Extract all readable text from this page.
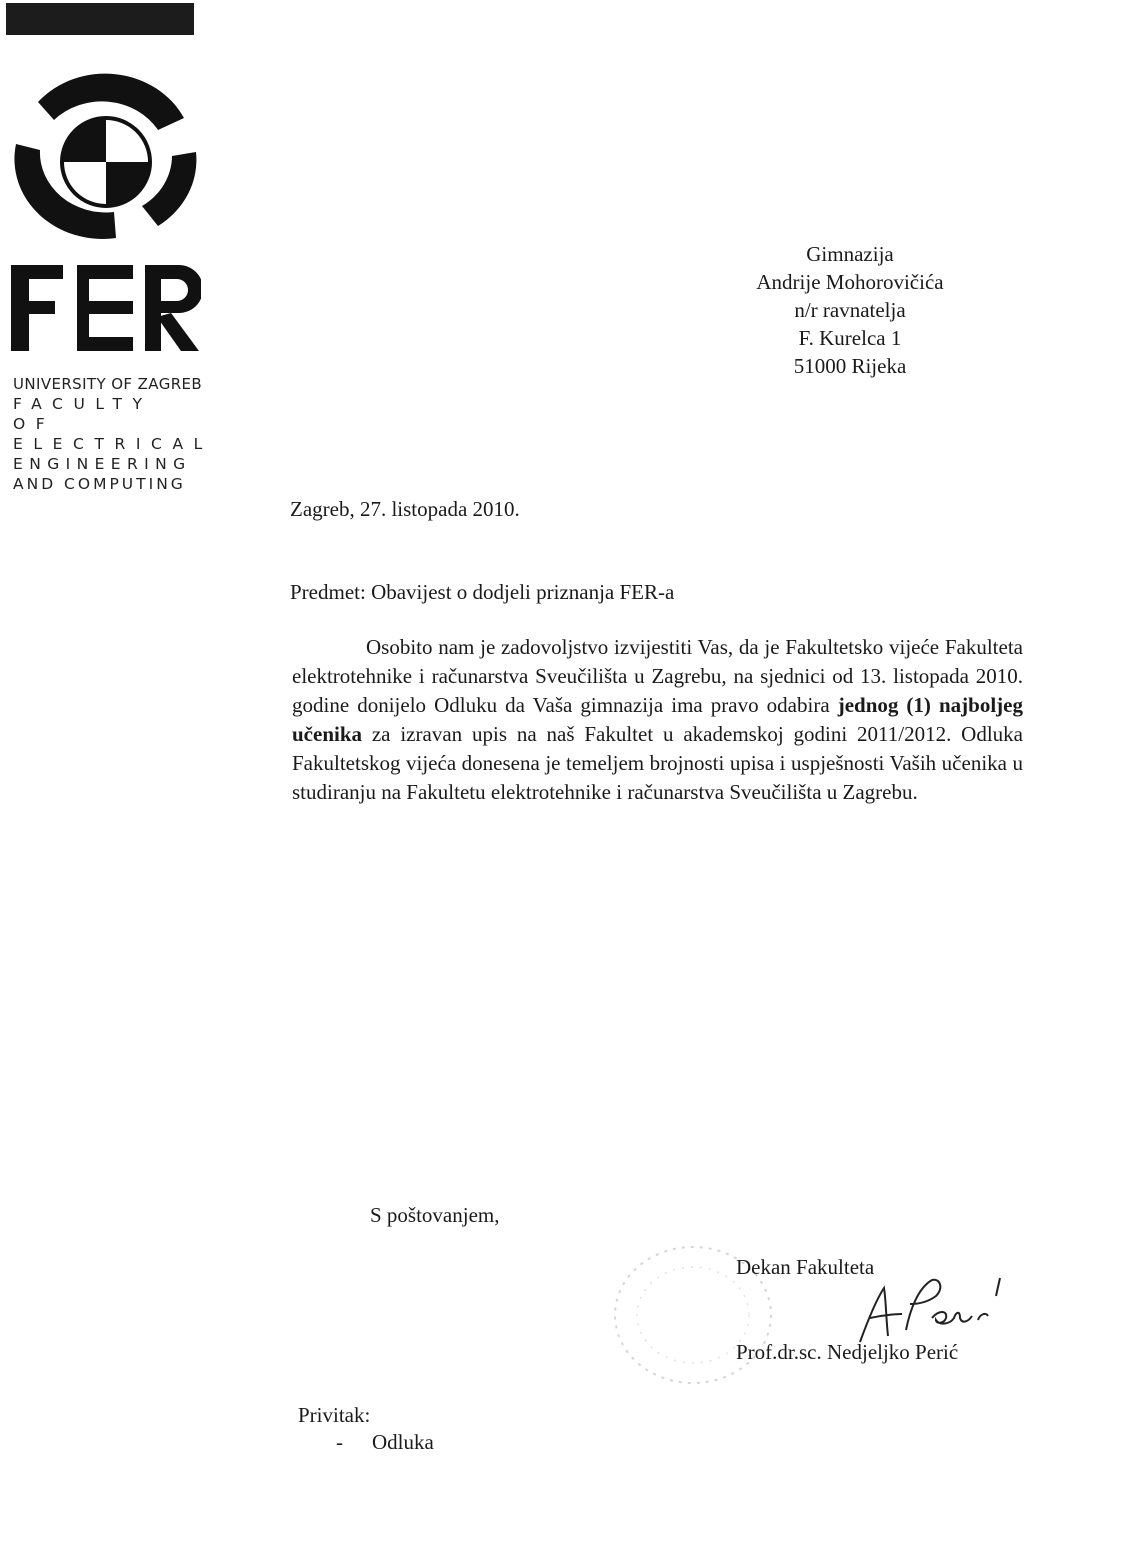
UNIVERSITY OF ZAGREB
FACULTY OF
ELECTRICAL
ENGINEERING
AND COMPUTING
Gimnazija
Andrije Mohorovičića
n/r ravnatelja
F. Kurelca 1
51000 Rijeka
Zagreb, 27. listopada 2010.
Predmet: Obavijest o dodjeli priznanja FER-a
Osobito nam je zadovoljstvo izvijestiti Vas, da je Fakultetsko vijeće Fakulteta elektrotehnike i računarstva Sveučilišta u Zagrebu, na sjednici od 13. listopada 2010. godine donijelo Odluku da Vaša gimnazija ima pravo odabira jednog (1) najboljeg učenika za izravan upis na naš Fakultet u akademskoj godini 2011/2012. Odluka Fakultetskog vijeća donesena je temeljem brojnosti upisa i uspješnosti Vaših učenika u studiranju na Fakultetu elektrotehnike i računarstva Sveučilišta u Zagrebu.
S poštovanjem,
Dekan Fakulteta
Prof.dr.sc. Nedjeljko Perić
Privitak:
- Odluka
